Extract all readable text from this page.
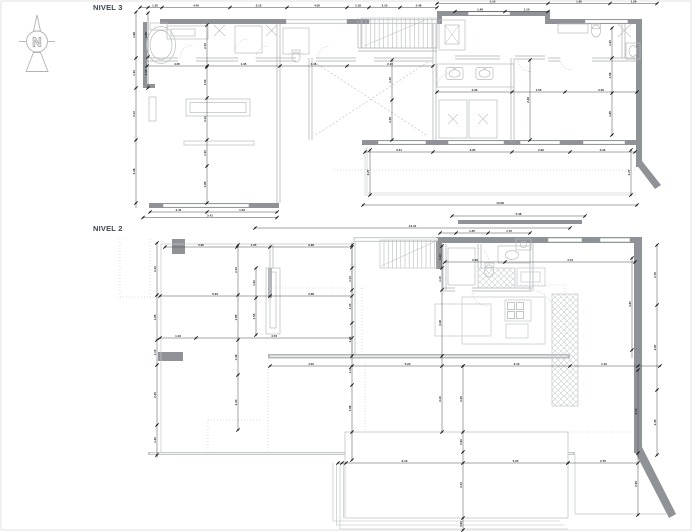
N
NIVEL 3
NIVEL 2
1.35	4.40	3.10	4.05	1.18	2.10	2.48
3.10	1.85	1.28
1.48	1.10
1.98
1.30
3.10
3.38
1.85
1.30
2.10
1.53
2.10
1.30
1.85
4.05	1.35	1.18	2.10
2.41	1.53
5.41
1.30
2.48
2.30	1.56	2.30
2.48
1.30
1.56
1.85
3.41	3.95	2.90	3.30
2.27	2.27
14.08
5.48
14.41
1.35	1.72
2.95	1.35	3.38
2.10
1.85
1.10
2.45
1.30
2.10
1.85
1.48
2.30
5.23	3.38
1.10	4.73
1.10
1.30
1.30
1.18
1.98
1.10
1.10
3.16
3.10
2.30	4.73
2.76
3.87
2.45
3.87
1.30
1.53
4.40	5.23	3.10	1.10
2.45
0.90
3.10
0.60
6.10	5.23	2.76
3.10
2.45
